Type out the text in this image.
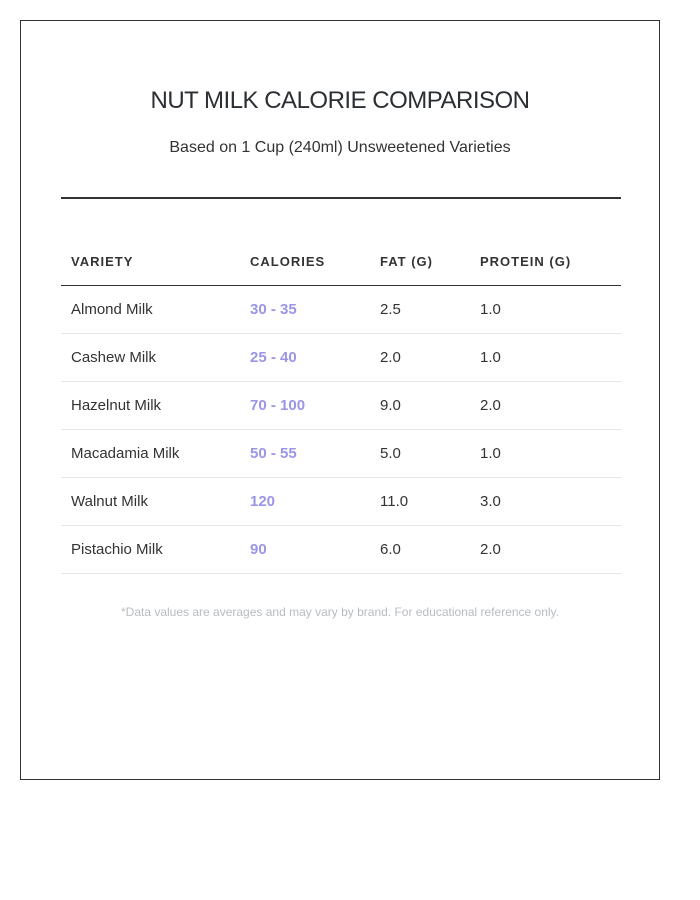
NUT MILK CALORIE COMPARISON

Based on 1 Cup (240ml) Unsweetened Varieties

VARIETY	CALORIES	FAT (G)	PROTEIN (G)
Almond Milk	30 - 35	2.5	1.0
Cashew Milk	25 - 40	2.0	1.0
Hazelnut Milk	70 - 100	9.0	2.0
Macadamia Milk	50 - 55	5.0	1.0
Walnut Milk	120	11.0	3.0
Pistachio Milk	90	6.0	2.0

*Data values are averages and may vary by brand. For educational reference only.
